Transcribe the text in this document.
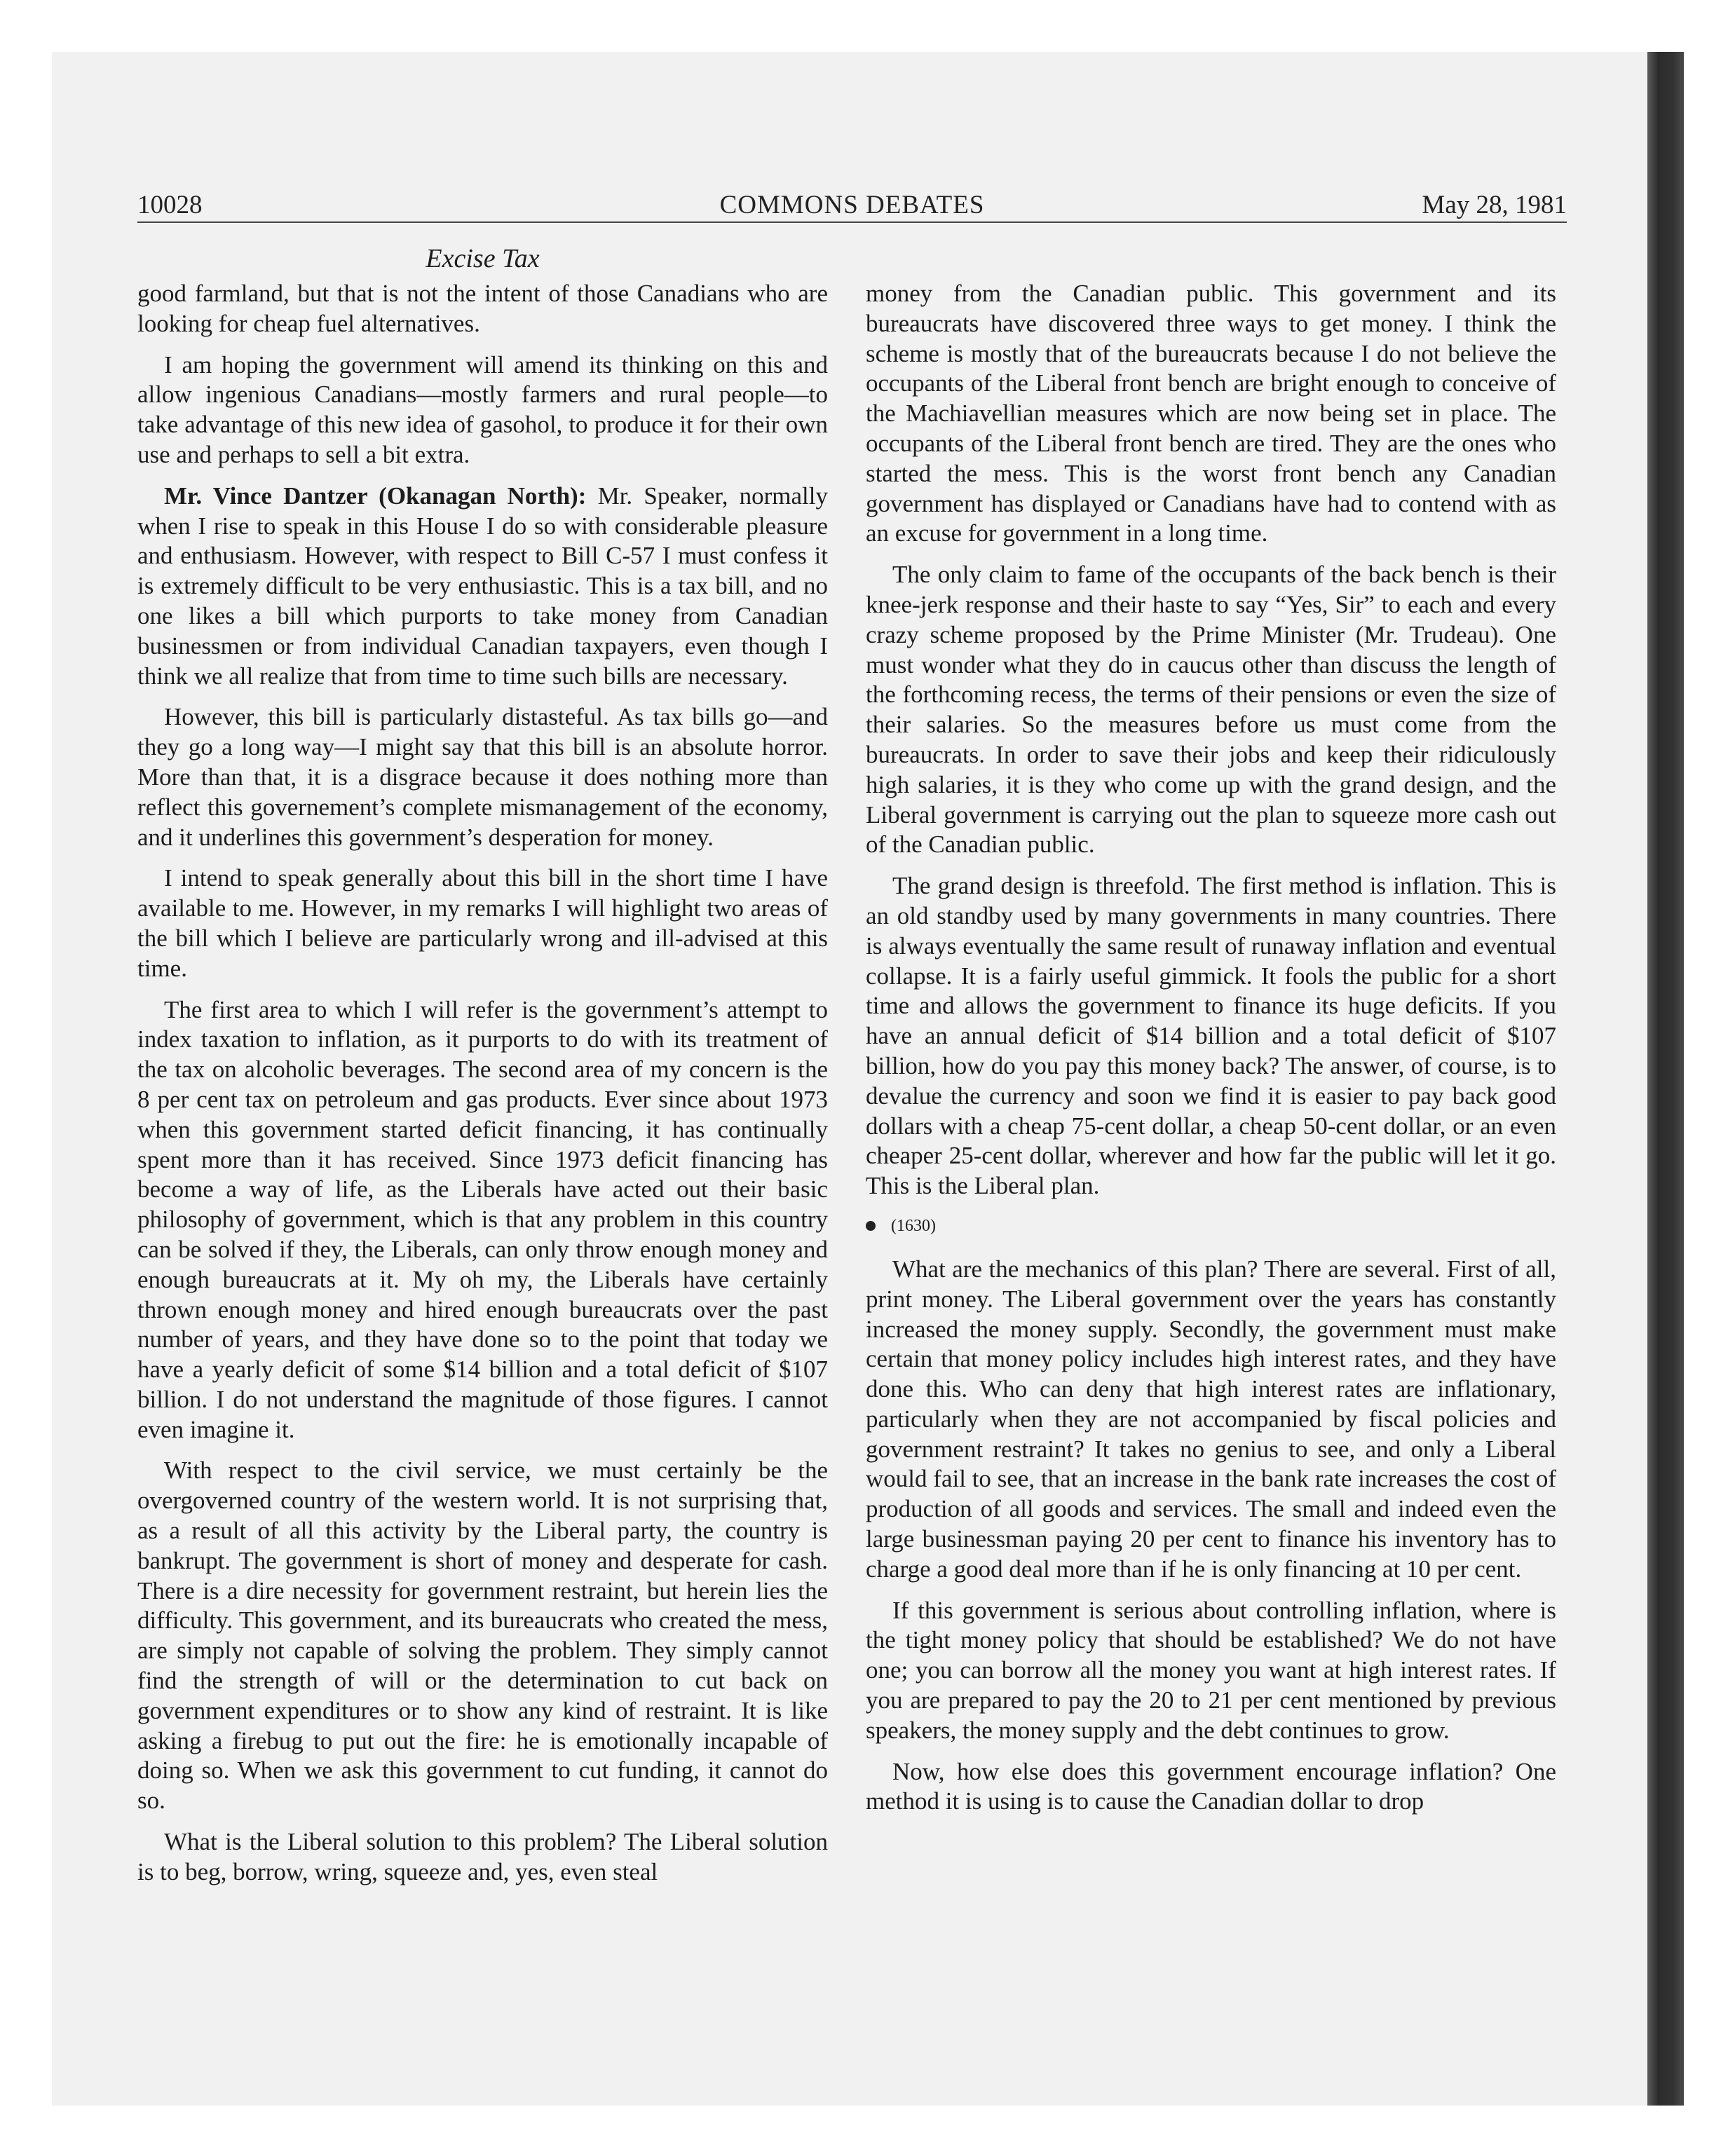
10028	COMMONS DEBATES	May 28, 1981
Excise Tax

good farmland, but that is not the intent of those Canadians who are looking for cheap fuel alternatives.

I am hoping the government will amend its thinking on this and allow ingenious Canadians—mostly farmers and rural people—to take advantage of this new idea of gasohol, to produce it for their own use and perhaps to sell a bit extra.

Mr. Vince Dantzer (Okanagan North): Mr. Speaker, normally when I rise to speak in this House I do so with considerable pleasure and enthusiasm. However, with respect to Bill C-57 I must confess it is extremely difficult to be very enthusiastic. This is a tax bill, and no one likes a bill which purports to take money from Canadian businessmen or from individual Canadian taxpayers, even though I think we all realize that from time to time such bills are necessary.

However, this bill is particularly distasteful. As tax bills go—and they go a long way—I might say that this bill is an absolute horror. More than that, it is a disgrace because it does nothing more than reflect this governement’s complete mismanagement of the economy, and it underlines this government’s desperation for money.

I intend to speak generally about this bill in the short time I have available to me. However, in my remarks I will highlight two areas of the bill which I believe are particularly wrong and ill-advised at this time.

The first area to which I will refer is the government’s attempt to index taxation to inflation, as it purports to do with its treatment of the tax on alcoholic beverages. The second area of my concern is the 8 per cent tax on petroleum and gas products. Ever since about 1973 when this government started deficit financing, it has continually spent more than it has received. Since 1973 deficit financing has become a way of life, as the Liberals have acted out their basic philosophy of government, which is that any problem in this country can be solved if they, the Liberals, can only throw enough money and enough bureaucrats at it. My oh my, the Liberals have certainly thrown enough money and hired enough bureaucrats over the past number of years, and they have done so to the point that today we have a yearly deficit of some $14 billion and a total deficit of $107 billion. I do not understand the magnitude of those figures. I cannot even imagine it.

With respect to the civil service, we must certainly be the overgoverned country of the western world. It is not surprising that, as a result of all this activity by the Liberal party, the country is bankrupt. The government is short of money and desperate for cash. There is a dire necessity for government restraint, but herein lies the difficulty. This government, and its bureaucrats who created the mess, are simply not capable of solving the problem. They simply cannot find the strength of will or the determination to cut back on government expenditures or to show any kind of restraint. It is like asking a firebug to put out the fire: he is emotionally incapable of doing so. When we ask this government to cut funding, it cannot do so.

What is the Liberal solution to this problem? The Liberal solution is to beg, borrow, wring, squeeze and, yes, even steal

money from the Canadian public. This government and its bureaucrats have discovered three ways to get money. I think the scheme is mostly that of the bureaucrats because I do not believe the occupants of the Liberal front bench are bright enough to conceive of the Machiavellian measures which are now being set in place. The occupants of the Liberal front bench are tired. They are the ones who started the mess. This is the worst front bench any Canadian government has displayed or Canadians have had to contend with as an excuse for government in a long time.

The only claim to fame of the occupants of the back bench is their knee-jerk response and their haste to say “Yes, Sir” to each and every crazy scheme proposed by the Prime Minister (Mr. Trudeau). One must wonder what they do in caucus other than discuss the length of the forthcoming recess, the terms of their pensions or even the size of their salaries. So the measures before us must come from the bureaucrats. In order to save their jobs and keep their ridiculously high salaries, it is they who come up with the grand design, and the Liberal government is carrying out the plan to squeeze more cash out of the Canadian public.

The grand design is threefold. The first method is inflation. This is an old standby used by many governments in many countries. There is always eventually the same result of runaway inflation and eventual collapse. It is a fairly useful gimmick. It fools the public for a short time and allows the government to finance its huge deficits. If you have an annual deficit of $14 billion and a total deficit of $107 billion, how do you pay this money back? The answer, of course, is to devalue the currency and soon we find it is easier to pay back good dollars with a cheap 75-cent dollar, a cheap 50-cent dollar, or an even cheaper 25-cent dollar, wherever and how far the public will let it go. This is the Liberal plan.

(1630)

What are the mechanics of this plan? There are several. First of all, print money. The Liberal government over the years has constantly increased the money supply. Secondly, the government must make certain that money policy includes high interest rates, and they have done this. Who can deny that high interest rates are inflationary, particularly when they are not accompanied by fiscal policies and government restraint? It takes no genius to see, and only a Liberal would fail to see, that an increase in the bank rate increases the cost of production of all goods and services. The small and indeed even the large businessman paying 20 per cent to finance his inventory has to charge a good deal more than if he is only financing at 10 per cent.

If this government is serious about controlling inflation, where is the tight money policy that should be established? We do not have one; you can borrow all the money you want at high interest rates. If you are prepared to pay the 20 to 21 per cent mentioned by previous speakers, the money supply and the debt continues to grow.

Now, how else does this government encourage inflation? One method it is using is to cause the Canadian dollar to drop
